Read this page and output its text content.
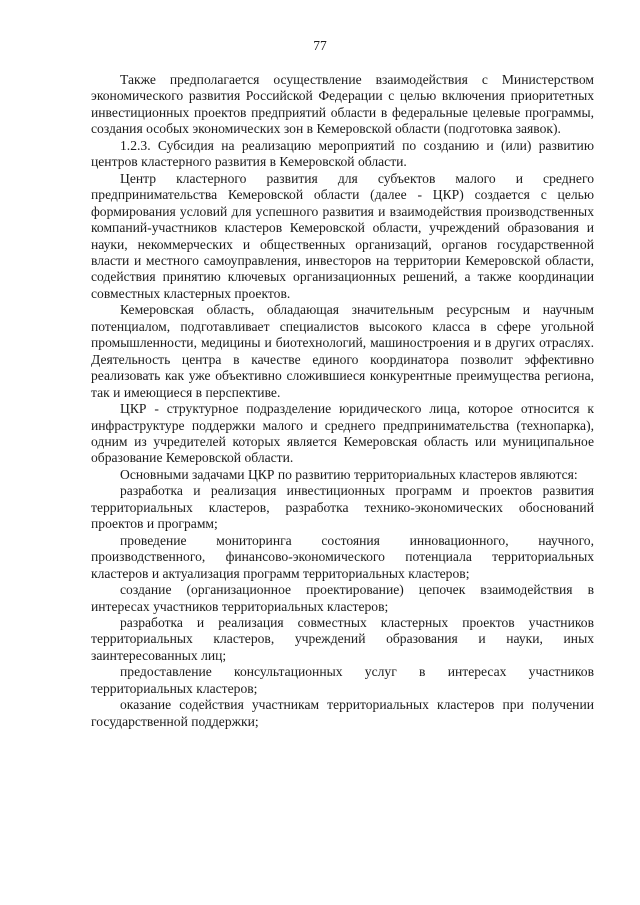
77

Также предполагается осуществление взаимодействия с Министерством экономического развития Российской Федерации с целью включения приоритетных инвестиционных проектов предприятий области в федеральные целевые программы, создания особых экономических зон в Кемеровской области (подготовка заявок).

1.2.3. Субсидия на реализацию мероприятий по созданию и (или) развитию центров кластерного развития в Кемеровской области.

Центр кластерного развития для субъектов малого и среднего предпринимательства Кемеровской области (далее - ЦКР) создается с целью формирования условий для успешного развития и взаимодействия производственных компаний-участников кластеров Кемеровской области, учреждений образования и науки, некоммерческих и общественных организаций, органов государственной власти и местного самоуправления, инвесторов на территории Кемеровской области, содействия принятию ключевых организационных решений, а также координации совместных кластерных проектов.

Кемеровская область, обладающая значительным ресурсным и научным потенциалом, подготавливает специалистов высокого класса в сфере угольной промышленности, медицины и биотехнологий, машиностроения и в других отраслях. Деятельность центра в качестве единого координатора позволит эффективно реализовать как уже объективно сложившиеся конкурентные преимущества региона, так и имеющиеся в перспективе.

ЦКР - структурное подразделение юридического лица, которое относится к инфраструктуре поддержки малого и среднего предпринимательства (технопарка), одним из учредителей которых является Кемеровская область или муниципальное образование Кемеровской области.

Основными задачами ЦКР по развитию территориальных кластеров являются:

разработка и реализация инвестиционных программ и проектов развития территориальных кластеров, разработка технико-экономических обоснований проектов и программ;

проведение мониторинга состояния инновационного, научного, производственного, финансово-экономического потенциала территориальных кластеров и актуализация программ территориальных кластеров;

создание (организационное проектирование) цепочек взаимодействия в интересах участников территориальных кластеров;

разработка и реализация совместных кластерных проектов участников территориальных кластеров, учреждений образования и науки, иных заинтересованных лиц;

предоставление консультационных услуг в интересах участников территориальных кластеров;

оказание содействия участникам территориальных кластеров при получении государственной поддержки;
